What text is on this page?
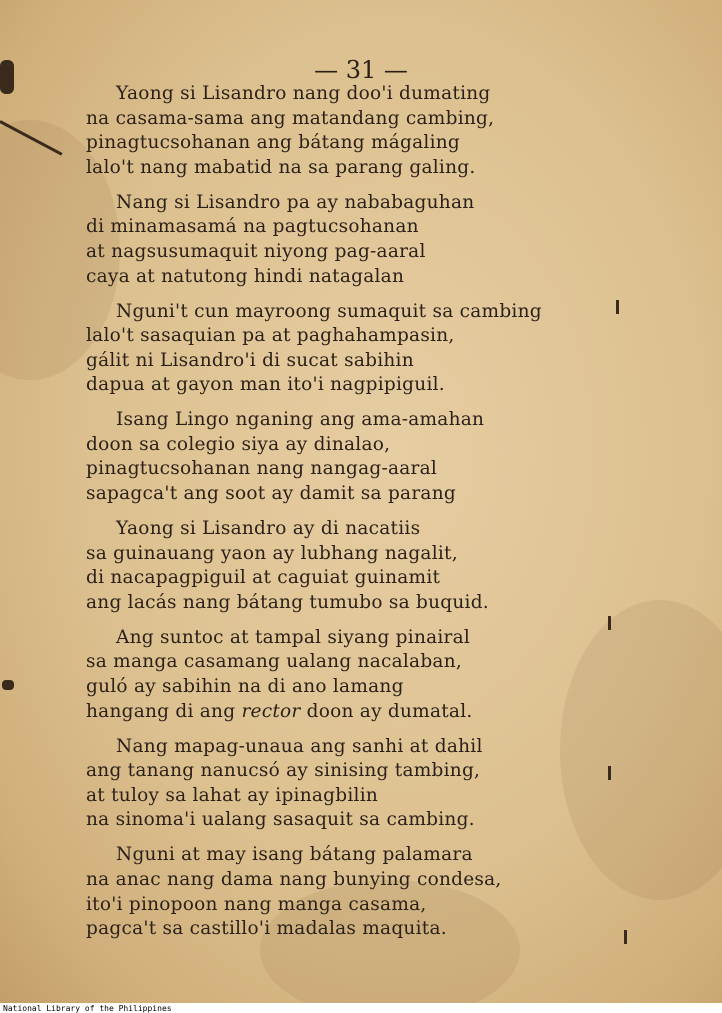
— 31 —
Yaong si Lisandro nang doo'i dumating
na casama-sama ang matandang cambing,
pinagtucsohanan ang bátang mágaling
lalo't nang mabatid na sa parang galing.
Nang si Lisandro pa ay nababaguhan
di minamasamá na pagtucsohanan
at nagsusumaquit niyong pag-aaral
caya at natutong hindi natagalan
Nguni't cun mayroong sumaquit sa cambing
lalo't sasaquian pa at paghahampasin,
gálit ni Lisandro'i di sucat sabihin
dapua at gayon man ito'i nagpipiguil.
Isang Lingo nganing ang ama-amahan
doon sa colegio siya ay dinalao,
pinagtucsohanan nang nangag-aaral
sapagca't ang soot ay damit sa parang
Yaong si Lisandro ay di nacatiis
sa guinauang yaon ay lubhang nagalit,
di nacapagpiguil at caguiat guinamit
ang lacás nang bátang tumubo sa buquid.
Ang suntoc at tampal siyang pinairal
sa manga casamang ualang nacalaban,
guló ay sabihin na di ano lamang
hangang di ang rector doon ay dumatal.
Nang mapag-unaua ang sanhi at dahil
ang tanang nanucsó ay sinising tambing,
at tuloy sa lahat ay ipinagbilin
na sinoma'i ualang sasaquit sa cambing.
Nguni at may isang bátang palamara
na anac nang dama nang bunying condesa,
ito'i pinopoon nang manga casama,
pagca't sa castillo'i madalas maquita.
National Library of the Philippines
